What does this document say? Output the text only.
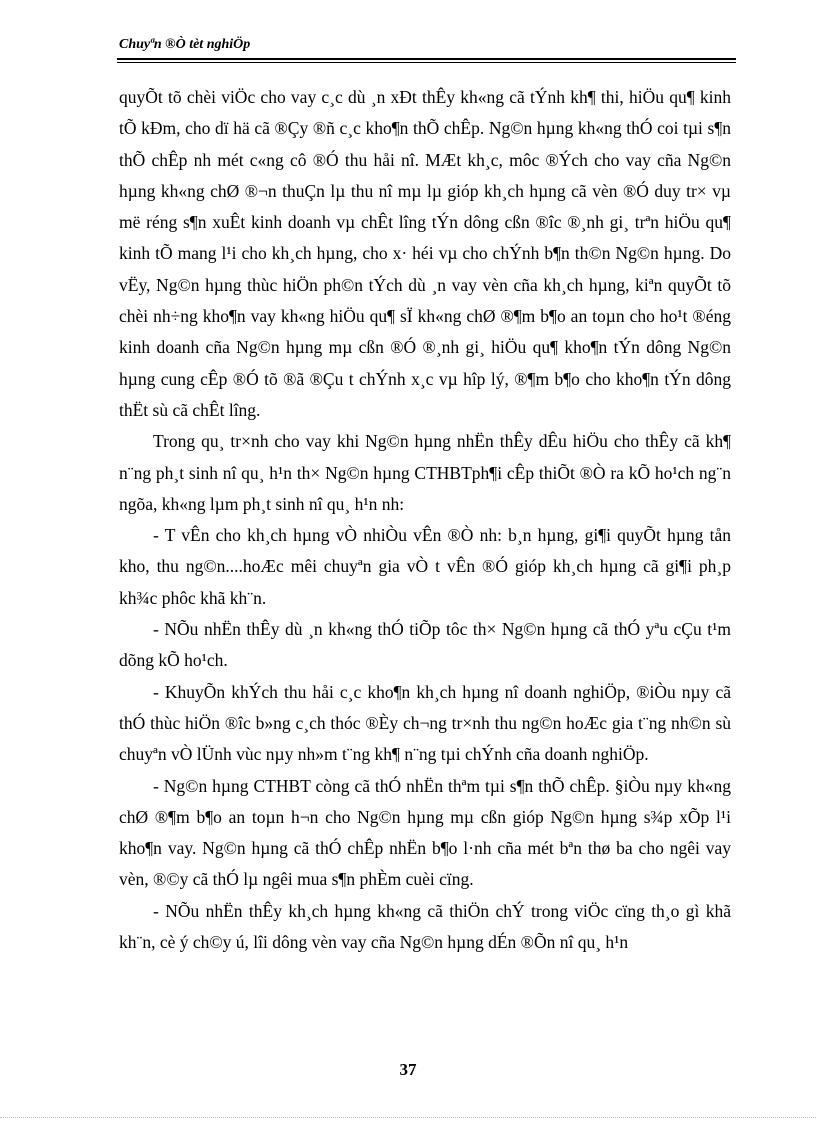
Chuyªn ®Ò tèt nghiÖp

quyÕt tõ chèi viÖc cho vay c¸c dù ¸n xÐt thÊy kh«ng cã tÝnh kh¶ thi, hiÖu qu¶ kinh tÕ kÐm, cho dï hä cã ®Çy ®ñ c¸c kho¶n thÕ chÊp. Ng©n hµng kh«ng thÓ coi tµi s¶n thÕ chÊp nh mét c«ng cô ®Ó thu håi nî. MÆt kh¸c, môc ®Ých cho vay cña Ng©n hµng kh«ng chØ ®¬n thuÇn lµ thu nî mµ lµ gióp kh¸ch hµng cã vèn ®Ó duy tr× vµ më réng s¶n xuÊt kinh doanh vµ chÊt lîng tÝn dông cßn ®îc ®¸nh gi¸ trªn hiÖu qu¶ kinh tÕ mang l¹i cho kh¸ch hµng, cho x· héi vµ cho chÝnh b¶n th©n Ng©n hµng. Do vËy, Ng©n hµng thùc hiÖn ph©n tÝch dù ¸n vay vèn cña kh¸ch hµng, kiªn quyÕt tõ chèi nh÷ng kho¶n vay kh«ng hiÖu qu¶ sÏ kh«ng chØ ®¶m b¶o an toµn cho ho¹t ®éng kinh doanh cña Ng©n hµng mµ cßn ®Ó ®¸nh gi¸ hiÖu qu¶ kho¶n tÝn dông Ng©n hµng cung cÊp ®Ó tõ ®ã ®Çu t chÝnh x¸c vµ hîp lý, ®¶m b¶o cho kho¶n tÝn dông thËt sù cã chÊt lîng.

Trong qu¸ tr×nh cho vay khi Ng©n hµng nhËn thÊy dÊu hiÖu cho thÊy cã kh¶ n¨ng ph¸t sinh nî qu¸ h¹n th× Ng©n hµng CTHBTph¶i cÊp thiÕt ®Ò ra kÕ ho¹ch ng¨n ngõa, kh«ng lµm ph¸t sinh nî qu¸ h¹n nh:

- T vÊn cho kh¸ch hµng vÒ nhiÒu vÊn ®Ò nh: b¸n hµng, gi¶i quyÕt hµng tån kho, thu ng©n....hoÆc mêi chuyªn gia vÒ t vÊn ®Ó gióp kh¸ch hµng cã gi¶i ph¸p kh¾c phôc khã kh¨n.

- NÕu nhËn thÊy dù ¸n kh«ng thÓ tiÕp tôc th× Ng©n hµng cã thÓ yªu cÇu t¹m dõng kÕ ho¹ch.

- KhuyÕn khÝch thu håi c¸c kho¶n kh¸ch hµng nî doanh nghiÖp, ®iÒu nµy cã thÓ thùc hiÖn ®îc b»ng c¸ch thóc ®Èy ch¬ng tr×nh thu ng©n hoÆc gia t¨ng nh©n sù chuyªn vÒ lÜnh vùc nµy nh»m t¨ng kh¶ n¨ng tµi chÝnh cña doanh nghiÖp.

- Ng©n hµng CTHBT còng cã thÓ nhËn thªm tµi s¶n thÕ chÊp. §iÒu nµy kh«ng chØ ®¶m b¶o an toµn h¬n cho Ng©n hµng mµ cßn gióp Ng©n hµng s¾p xÕp l¹i kho¶n vay. Ng©n hµng cã thÓ chÊp nhËn b¶o l·nh cña mét bªn thø ba cho ngêi vay vèn, ®©y cã thÓ lµ ngêi mua s¶n phÈm cuèi cïng.

- NÕu nhËn thÊy kh¸ch hµng kh«ng cã thiÖn chÝ trong viÖc cïng th¸o gì khã kh¨n, cè ý ch©y ú, lîi dông vèn vay cña Ng©n hµng dÉn ®Õn nî qu¸ h¹n

37
